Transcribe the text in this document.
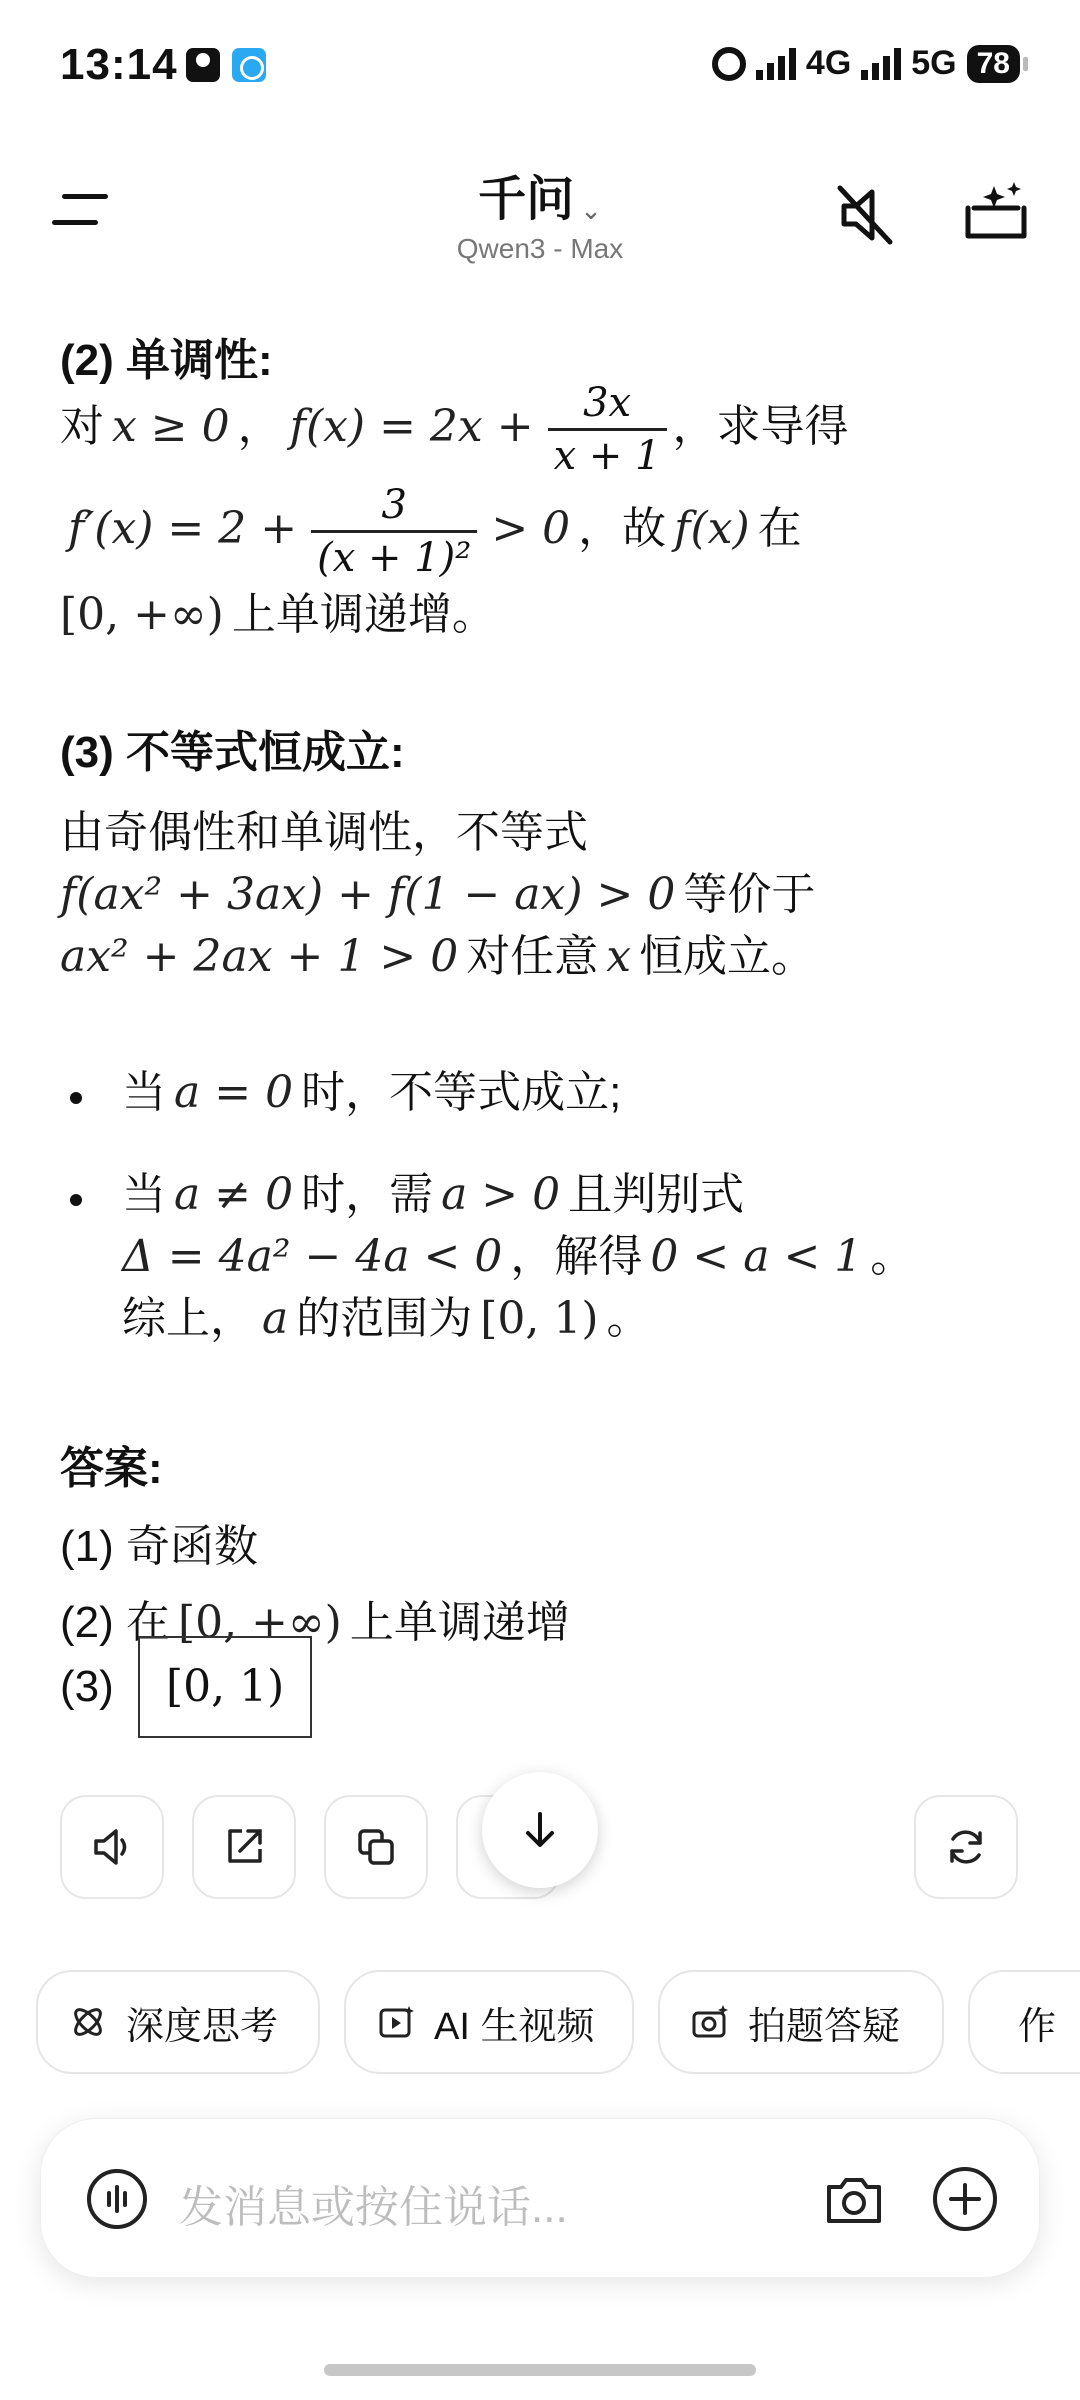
13:14	4G 5G 78
千问 ⌄
Qwen3 - Max
(2) 单调性:
对 x ≥ 0 ， $f(x) = 2x + \frac{3x}{x + 1}$ ，求导得
$f'(x) = 2 + \frac{3}{\text{(x + 1)²}} > 0$ ，故 f(x) 在
[0, +∞) 上单调递增。
(3) 不等式恒成立:
由奇偶性和单调性，不等式
f(ax² + 3ax) + f(1 − ax) > 0 等价于
ax² + 2ax + 1 > 0 对任意 x 恒成立。
当 a = 0 时，不等式成立;
当 a ≠ 0 时，需 a > 0 且判别式
Δ = 4a² − 4a < 0 ，解得 0 < a < 1 。
综上， a 的范围为 [0, 1) 。
答案:
(1) 奇函数
(2) 在 [0, +∞) 上单调递增
(3) [0, 1)
深度思考	AI 生视频	拍题答疑	作
发消息或按住说话...
